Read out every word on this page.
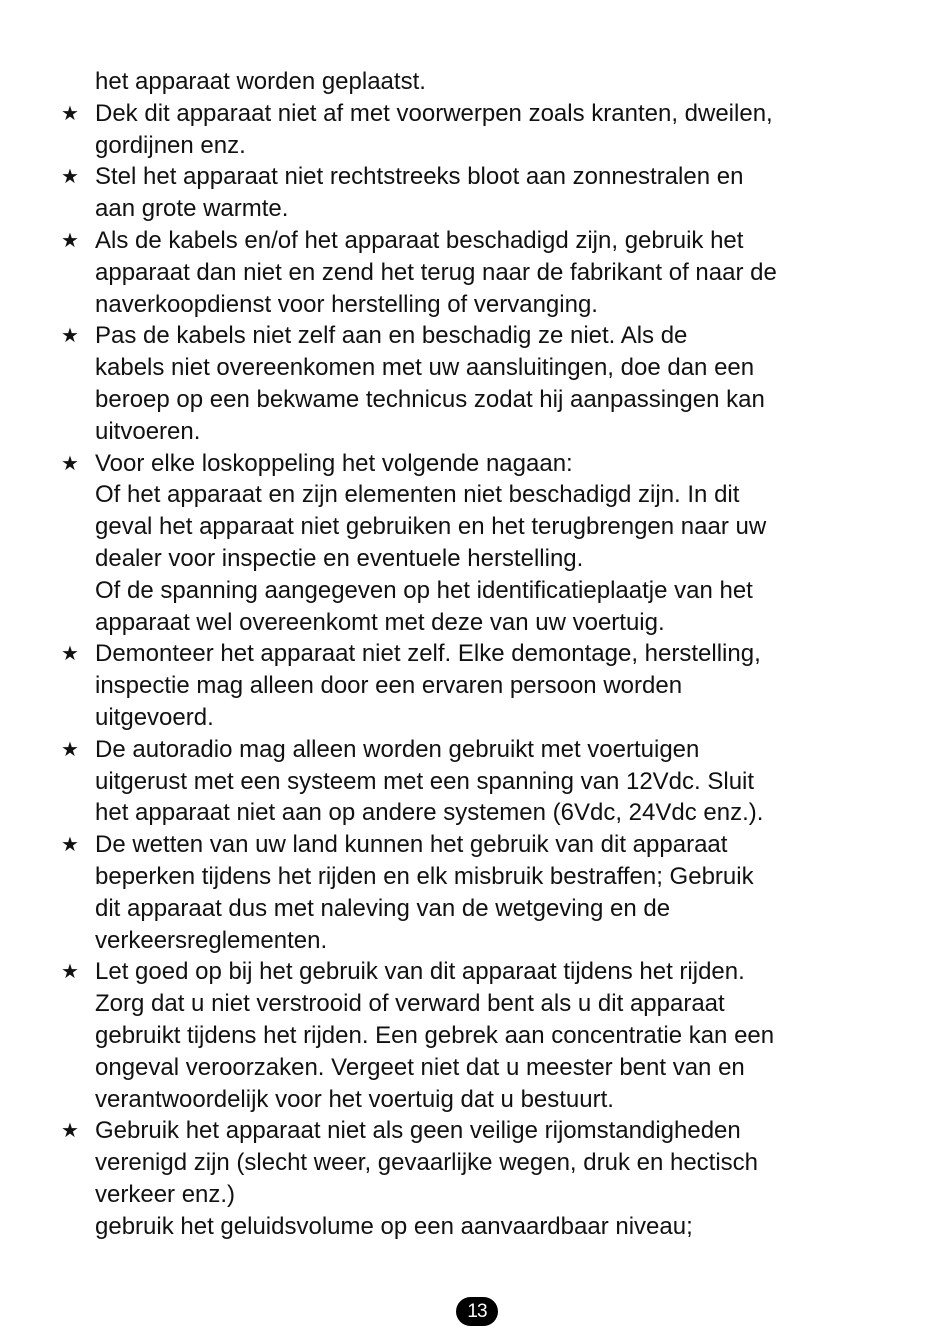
het apparaat worden geplaatst.
★ Dek dit apparaat niet af met voorwerpen zoals kranten, dweilen,
gordijnen enz.
★ Stel het apparaat niet rechtstreeks bloot aan zonnestralen en
aan grote warmte.
★ Als de kabels en/of het apparaat beschadigd zijn, gebruik het
apparaat dan niet en zend het terug naar de fabrikant of naar de
naverkoopdienst voor herstelling of vervanging.
★ Pas de kabels niet zelf aan en beschadig ze niet. Als de
kabels niet overeenkomen met uw aansluitingen, doe dan een
beroep op een bekwame technicus zodat hij aanpassingen kan
uitvoeren.
★ Voor elke loskoppeling het volgende nagaan:
Of het apparaat en zijn elementen niet beschadigd zijn. In dit
geval het apparaat niet gebruiken en het terugbrengen naar uw
dealer voor inspectie en eventuele herstelling.
Of de spanning aangegeven op het identificatieplaatje van het
apparaat wel overeenkomt met deze van uw voertuig.
★ Demonteer het apparaat niet zelf. Elke demontage, herstelling,
inspectie mag alleen door een ervaren persoon worden
uitgevoerd.
★ De autoradio mag alleen worden gebruikt met voertuigen
uitgerust met een systeem met een spanning van 12Vdc. Sluit
het apparaat niet aan op andere systemen (6Vdc, 24Vdc enz.).
★ De wetten van uw land kunnen het gebruik van dit apparaat
beperken tijdens het rijden en elk misbruik bestraffen; Gebruik
dit apparaat dus met naleving van de wetgeving en de
verkeersreglementen.
★ Let goed op bij het gebruik van dit apparaat tijdens het rijden.
Zorg dat u niet verstrooid of verward bent als u dit apparaat
gebruikt tijdens het rijden. Een gebrek aan concentratie kan een
ongeval veroorzaken. Vergeet niet dat u meester bent van en
verantwoordelijk voor het voertuig dat u bestuurt.
★ Gebruik het apparaat niet als geen veilige rijomstandigheden
verenigd zijn (slecht weer, gevaarlijke wegen, druk en hectisch
verkeer enz.)
gebruik het geluidsvolume op een aanvaardbaar niveau;
13
